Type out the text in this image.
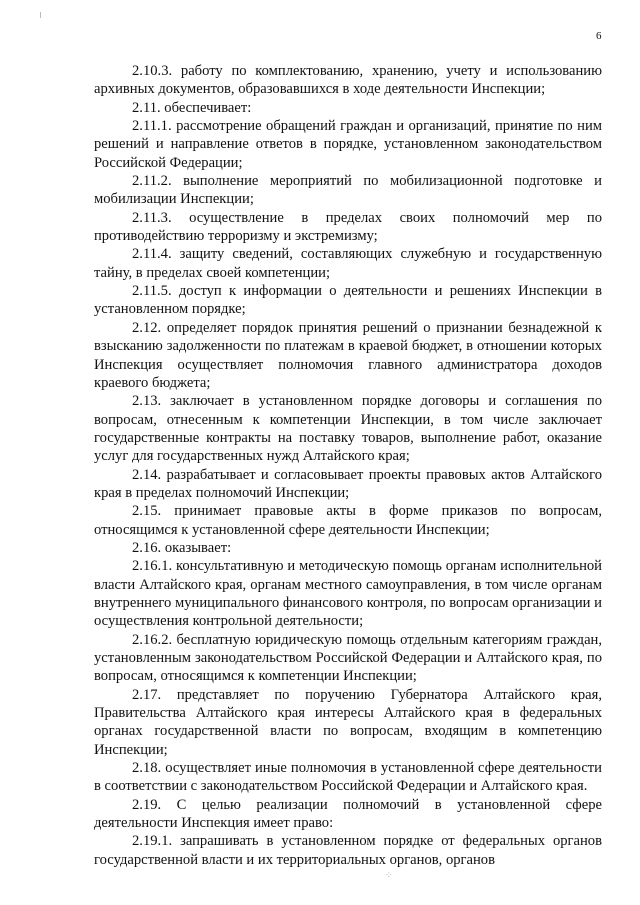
6

2.10.3. работу по комплектованию, хранению, учету и использованию архивных документов, образовавшихся в ходе деятельности Инспекции;

2.11. обеспечивает:

2.11.1. рассмотрение обращений граждан и организаций, принятие по ним решений и направление ответов в порядке, установленном законодательством Российской Федерации;

2.11.2. выполнение мероприятий по мобилизационной подготовке и мобилизации Инспекции;

2.11.3. осуществление в пределах своих полномочий мер по противодействию терроризму и экстремизму;

2.11.4. защиту сведений, составляющих служебную и государственную тайну, в пределах своей компетенции;

2.11.5. доступ к информации о деятельности и решениях Инспекции в установленном порядке;

2.12. определяет порядок принятия решений о признании безнадежной к взысканию задолженности по платежам в краевой бюджет, в отношении которых Инспекция осуществляет полномочия главного администратора доходов краевого бюджета;

2.13. заключает в установленном порядке договоры и соглашения по вопросам, отнесенным к компетенции Инспекции, в том числе заключает государственные контракты на поставку товаров, выполнение работ, оказание услуг для государственных нужд Алтайского края;

2.14. разрабатывает и согласовывает проекты правовых актов Алтайского края в пределах полномочий Инспекции;

2.15. принимает правовые акты в форме приказов по вопросам, относящимся к установленной сфере деятельности Инспекции;

2.16. оказывает:

2.16.1. консультативную и методическую помощь органам исполнительной власти Алтайского края, органам местного самоуправления, в том числе органам внутреннего муниципального финансового контроля, по вопросам организации и осуществления контрольной деятельности;

2.16.2. бесплатную юридическую помощь отдельным категориям граждан, установленным законодательством Российской Федерации и Алтайского края, по вопросам, относящимся к компетенции Инспекции;

2.17. представляет по поручению Губернатора Алтайского края, Правительства Алтайского края интересы Алтайского края в федеральных органах государственной власти по вопросам, входящим в компетенцию Инспекции;

2.18. осуществляет иные полномочия в установленной сфере деятельности в соответствии с законодательством Российской Федерации и Алтайского края.

2.19. С целью реализации полномочий в установленной сфере деятельности Инспекция имеет право:

2.19.1. запрашивать в установленном порядке от федеральных органов государственной власти и их территориальных органов, органов

⁘
